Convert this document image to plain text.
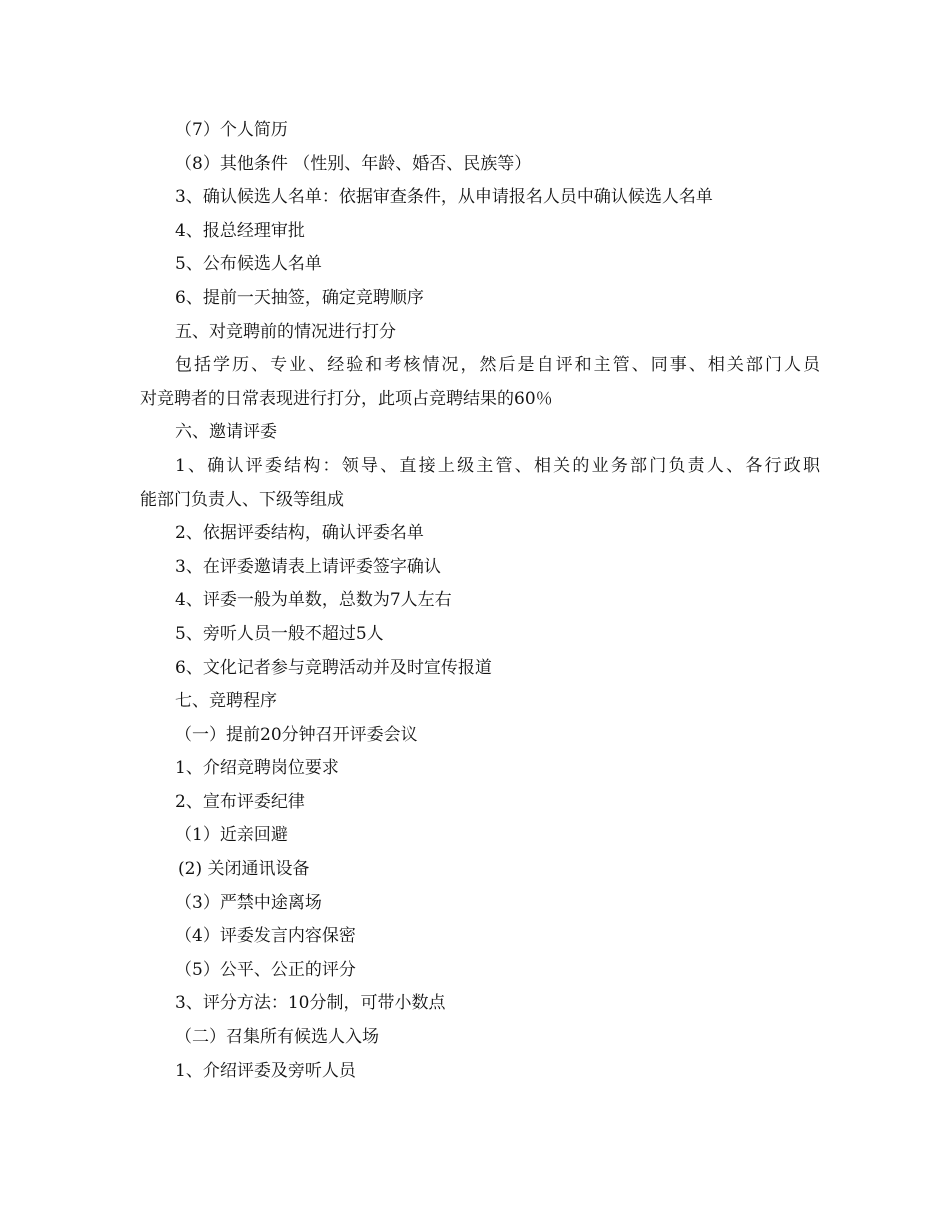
（7）个人简历
（8）其他条件 （性别、年龄、婚否、民族等）
3、确认候选人名单：依据审查条件，从申请报名人员中确认候选人名单
4、报总经理审批
5、公布候选人名单
6、提前一天抽签，确定竞聘顺序
五、对竞聘前的情况进行打分
包括学历、专业、经验和考核情况，然后是自评和主管、同事、相关部门人员
对竞聘者的日常表现进行打分，此项占竞聘结果的60％
六、邀请评委
1、确认评委结构：领导、直接上级主管、相关的业务部门负责人、各行政职
能部门负责人、下级等组成
2、依据评委结构，确认评委名单
3、在评委邀请表上请评委签字确认
4、评委一般为单数，总数为7人左右
5、旁听人员一般不超过5人
6、文化记者参与竞聘活动并及时宣传报道
七、竞聘程序
（一）提前20分钟召开评委会议
1、介绍竞聘岗位要求
2、宣布评委纪律
（1）近亲回避
(2) 关闭通讯设备
（3）严禁中途离场
（4）评委发言内容保密
（5）公平、公正的评分
3、评分方法：10分制，可带小数点
（二）召集所有候选人入场
1、介绍评委及旁听人员
